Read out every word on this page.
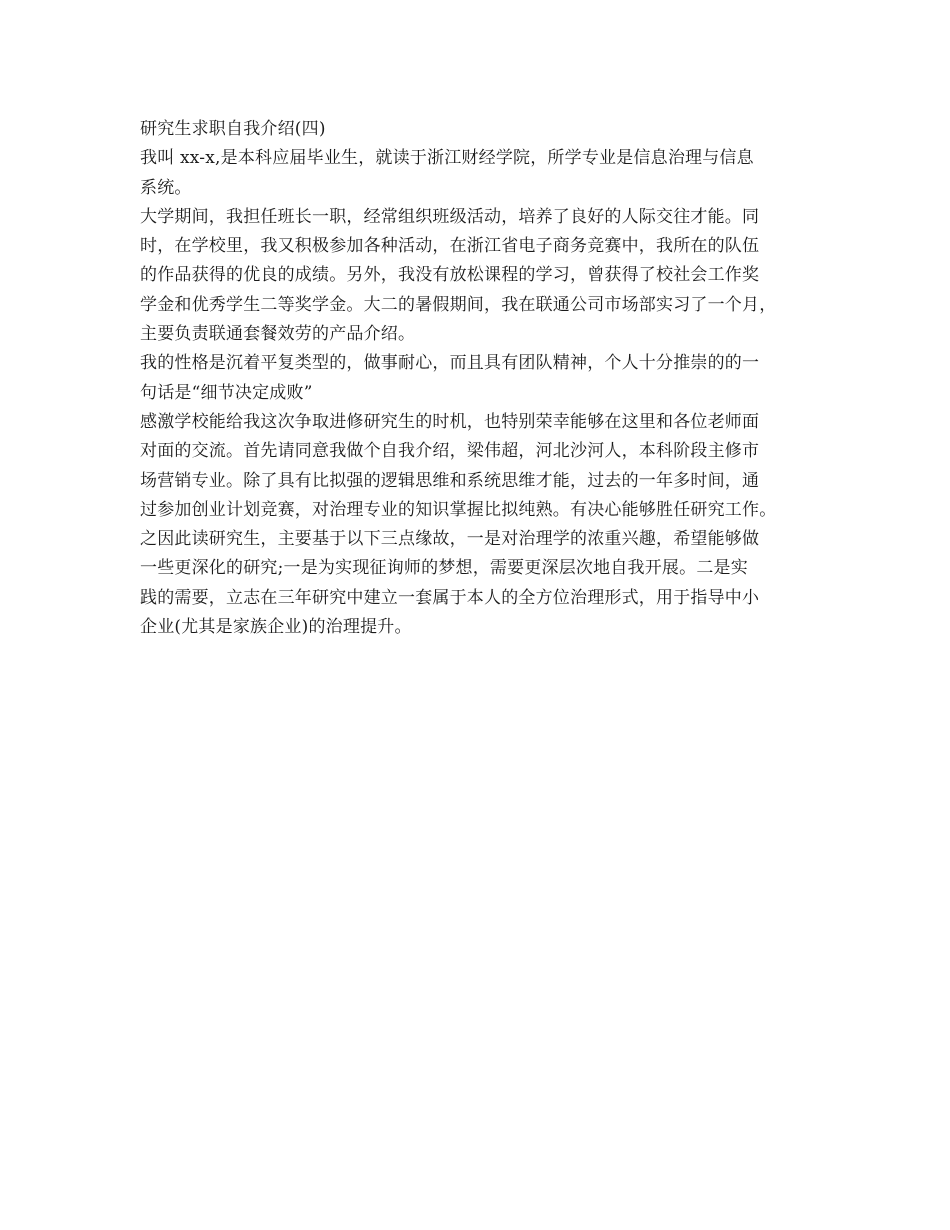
研究生求职自我介绍(四)
我叫 xx-x,是本科应届毕业生，就读于浙江财经学院，所学专业是信息治理与信息
系统。
大学期间，我担任班长一职，经常组织班级活动，培养了良好的人际交往才能。同
时，在学校里，我又积极参加各种活动，在浙江省电子商务竞赛中，我所在的队伍
的作品获得的优良的成绩。另外，我没有放松课程的学习，曾获得了校社会工作奖
学金和优秀学生二等奖学金。大二的暑假期间，我在联通公司市场部实习了一个月，
主要负责联通套餐效劳的产品介绍。
我的性格是沉着平复类型的，做事耐心，而且具有团队精神，个人十分推崇的的一
句话是“细节决定成败”
感激学校能给我这次争取进修研究生的时机，也特别荣幸能够在这里和各位老师面
对面的交流。首先请同意我做个自我介绍，梁伟超，河北沙河人，本科阶段主修市
场营销专业。除了具有比拟强的逻辑思维和系统思维才能，过去的一年多时间，通
过参加创业计划竞赛，对治理专业的知识掌握比拟纯熟。有决心能够胜任研究工作。
之因此读研究生，主要基于以下三点缘故，一是对治理学的浓重兴趣，希望能够做
一些更深化的研究;一是为实现征询师的梦想，需要更深层次地自我开展。二是实
践的需要，立志在三年研究中建立一套属于本人的全方位治理形式，用于指导中小
企业(尤其是家族企业)的治理提升。
